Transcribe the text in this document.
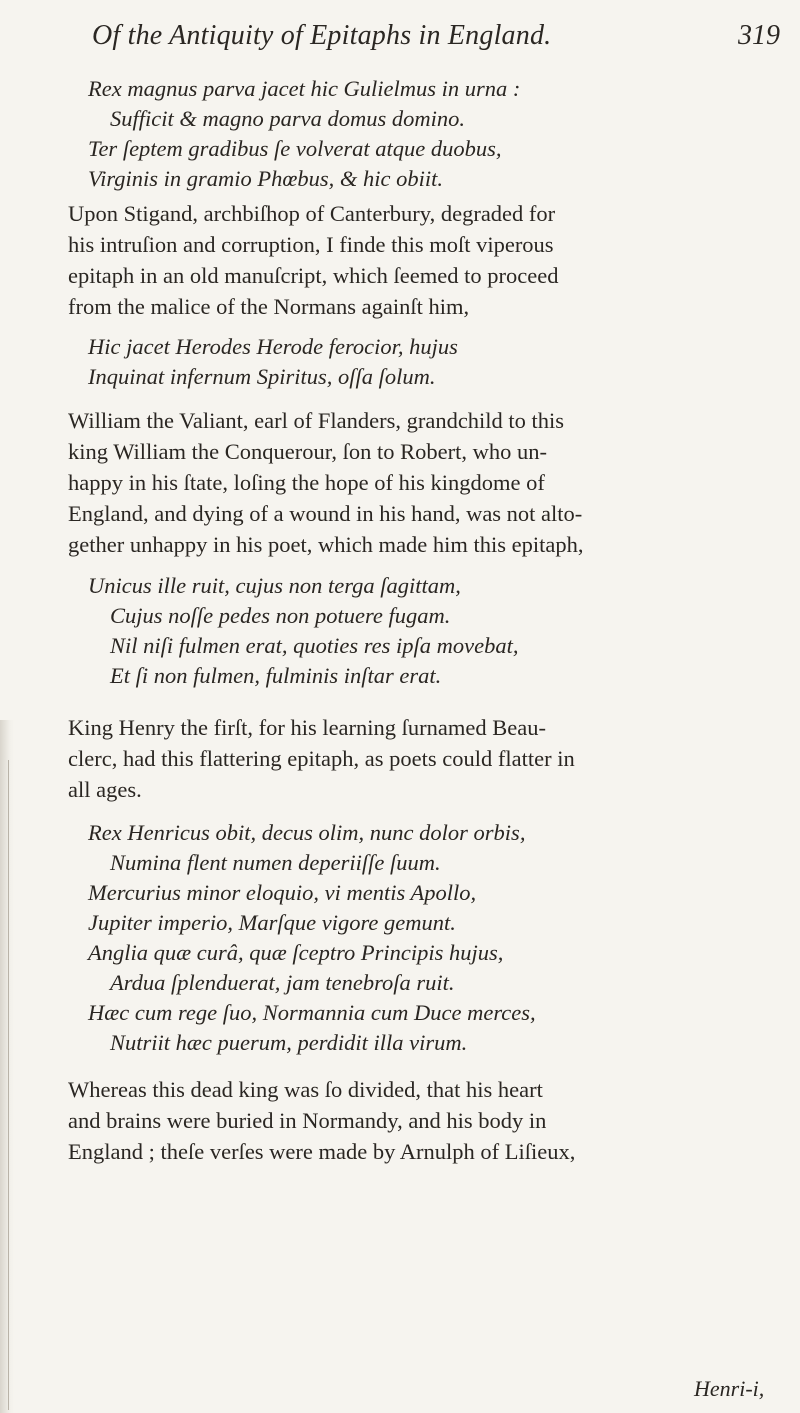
Of the Antiquity of Epitaphs in England.	319
Rex magnus parva jacet hic Gulielmus in urna :
Sufficit & magno parva domus domino.
Ter ſeptem gradibus ſe volverat atque duobus,
Virginis in gramio Phœbus, & hic obiit.
Upon Stigand, archbiſhop of Canterbury, degraded for
his intruſion and corruption, I finde this moſt viperous
epitaph in an old manuſcript, which ſeemed to proceed
from the malice of the Normans againſt him,
Hic jacet Herodes Herode ferocior, hujus
Inquinat infernum Spiritus, oſſa ſolum.
William the Valiant, earl of Flanders, grandchild to this
king William the Conquerour, ſon to Robert, who un-
happy in his ſtate, loſing the hope of his kingdome of
England, and dying of a wound in his hand, was not alto-
gether unhappy in his poet, which made him this epitaph,
Unicus ille ruit, cujus non terga ſagittam,
Cujus noſſe pedes non potuere fugam.
Nil niſi fulmen erat, quoties res ipſa movebat,
Et ſi non fulmen, fulminis inſtar erat.
King Henry the firſt, for his learning ſurnamed Beau-
clerc, had this flattering epitaph, as poets could flatter in
all ages.
Rex Henricus obit, decus olim, nunc dolor orbis,
Numina flent numen deperiiſſe ſuum.
Mercurius minor eloquio, vi mentis Apollo,
Jupiter imperio, Marſque vigore gemunt.
Anglia quæ curâ, quæ ſceptro Principis hujus,
Ardua ſplenduerat, jam tenebroſa ruit.
Hæc cum rege ſuo, Normannia cum Duce merces,
Nutriit hæc puerum, perdidit illa virum.
Whereas this dead king was ſo divided, that his heart
and brains were buried in Normandy, and his body in
England ; theſe verſes were made by Arnulph of Liſieux,
Henri-i,
